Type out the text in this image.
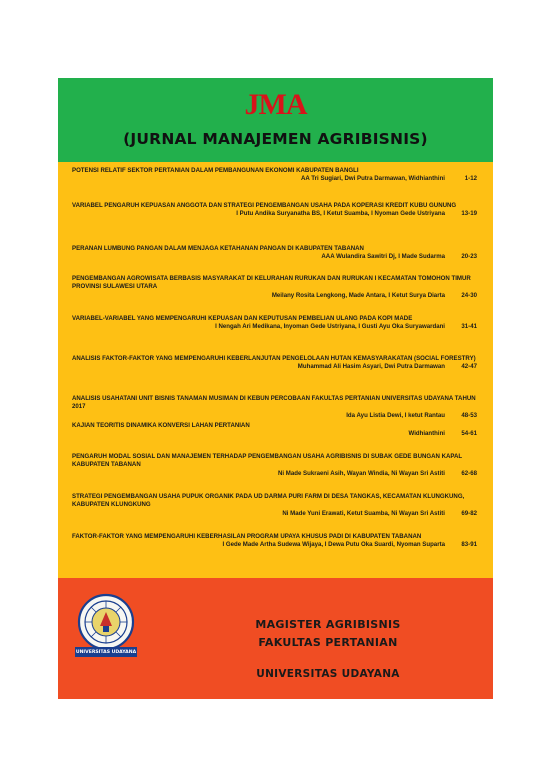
JMA
(JURNAL MANAJEMEN AGRIBISNIS)
POTENSI RELATIF SEKTOR PERTANIAN DALAM PEMBANGUNAN EKONOMI KABUPATEN BANGLI
AA Tri Sugiari, Dwi Putra Darmawan, Widhianthini	1-12
VARIABEL PENGARUH KEPUASAN ANGGOTA DAN STRATEGI PENGEMBANGAN USAHA PADA KOPERASI KREDIT KUBU GUNUNG
I Putu Andika Suryanatha BS, I Ketut Suamba, I Nyoman Gede Ustriyana	13-19
PERANAN LUMBUNG PANGAN DALAM MENJAGA KETAHANAN PANGAN DI KABUPATEN TABANAN
AAA Wulandira Sawitri Dj, I Made Sudarma	20-23
PENGEMBANGAN AGROWISATA BERBASIS MASYARAKAT DI KELURAHAN RURUKAN DAN RURUKAN I KECAMATAN TOMOHON TIMUR PROVINSI SULAWESI UTARA
Meilany Rosita Lengkong, Made Antara, I Ketut Surya Diarta	24-30
VARIABEL-VARIABEL YANG MEMPENGARUHI KEPUASAN DAN KEPUTUSAN PEMBELIAN ULANG PADA KOPI MADE
I Nengah Ari Medikana, Inyoman Gede Ustriyana, I Gusti Ayu Oka Suryawardani	31-41
ANALISIS FAKTOR-FAKTOR YANG MEMPENGARUHI KEBERLANJUTAN PENGELOLAAN HUTAN KEMASYARAKATAN (SOCIAL FORESTRY)
Muhammad Ali Hasim Asyari, Dwi Putra Darmawan	42-47
ANALISIS USAHATANI UNIT BISNIS TANAMAN MUSIMAN DI KEBUN PERCOBAAN FAKULTAS PERTANIAN UNIVERSITAS UDAYANA TAHUN 2017
Ida Ayu Listia Dewi, I ketut Rantau	48-53
KAJIAN TEORITIS DINAMIKA KONVERSI LAHAN PERTANIAN
Widhianthini	54-61
PENGARUH MODAL SOSIAL DAN MANAJEMEN TERHADAP PENGEMBANGAN USAHA AGRIBISNIS DI SUBAK GEDE BUNGAN KAPAL KABUPATEN TABANAN
Ni Made Sukraeni Asih, Wayan Windia, Ni Wayan Sri Astiti	62-68
STRATEGI PENGEMBANGAN USAHA PUPUK ORGANIK PADA UD DARMA PURI FARM DI DESA TANGKAS, KECAMATAN KLUNGKUNG, KABUPATEN KLUNGKUNG
Ni Made Yuni Erawati, Ketut Suamba, Ni Wayan Sri Astiti	69-82
FAKTOR-FAKTOR YANG MEMPENGARUHI KEBERHASILAN PROGRAM UPAYA KHUSUS PADI DI KABUPATEN TABANAN
I Gede Made Artha Sudewa Wijaya, I Dewa Putu Oka Suardi, Nyoman Suparta	83-91
UNIVERSITAS UDAYANA
MAGISTER AGRIBISNIS
FAKULTAS PERTANIAN
UNIVERSITAS UDAYANA
